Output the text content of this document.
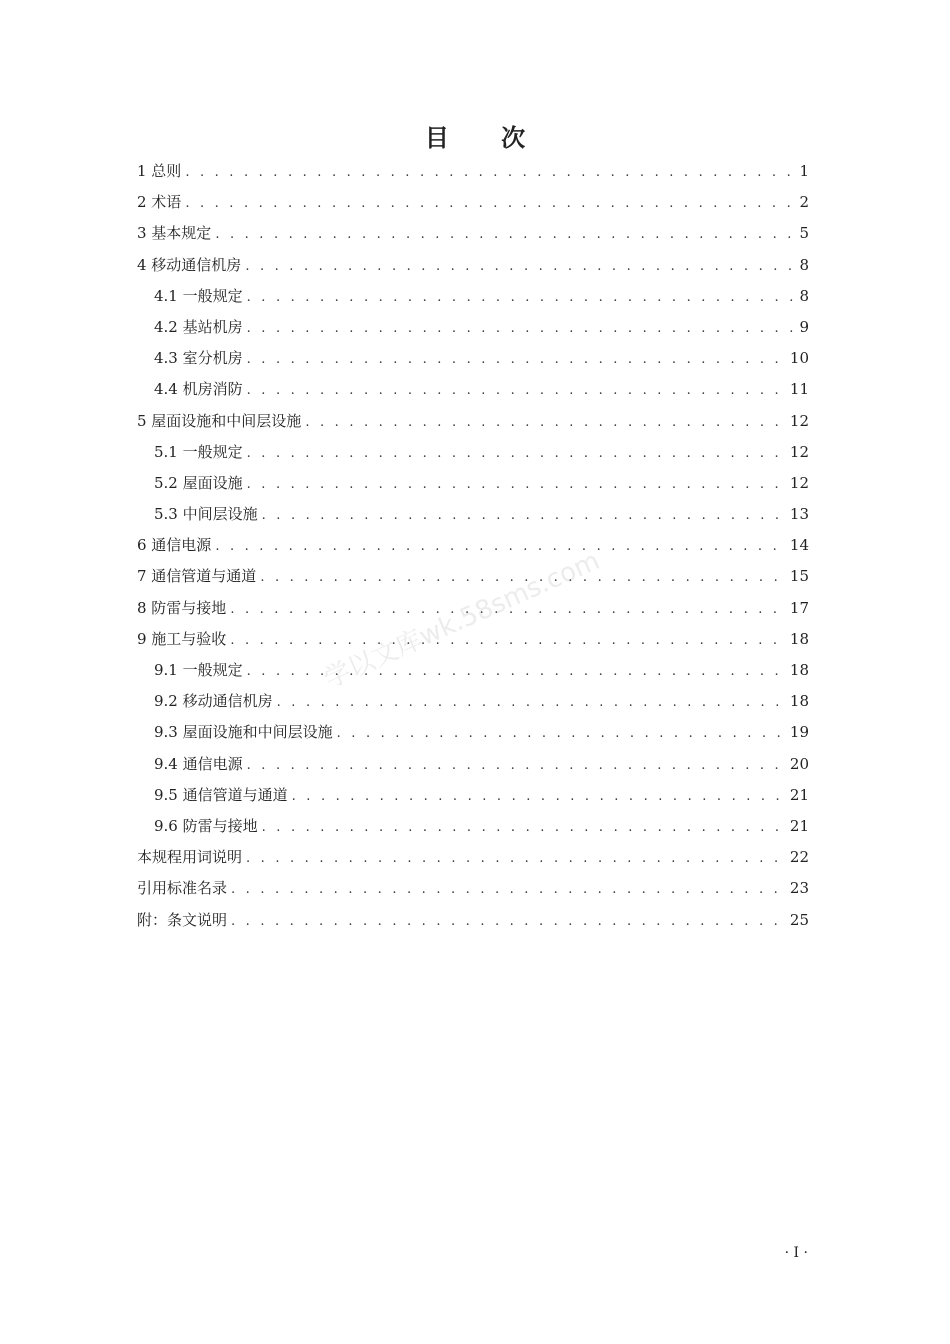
目 次
1 总则 . . .	1
2 术语 . . .	2
3 基本规定 . . .	5
4 移动通信机房 . . .	8
4.1 一般规定 . . .	8
4.2 基站机房 . . .	9
4.3 室分机房 . . .	10
4.4 机房消防 . . .	11
5 屋面设施和中间层设施 . . .	12
5.1 一般规定 . . .	12
5.2 屋面设施 . . .	12
5.3 中间层设施 . . .	13
6 通信电源 . . .	14
7 通信管道与通道 . . .	15
8 防雷与接地 . . .	17
9 施工与验收 . . .	18
9.1 一般规定 . . .	18
9.2 移动通信机房 . . .	18
9.3 屋面设施和中间层设施 . . .	19
9.4 通信电源 . . .	20
9.5 通信管道与通道 . . .	21
9.6 防雷与接地 . . .	21
本规程用词说明 . . .	22
引用标准名录 . . .	23
附：条文说明 . . .	25
学以文库wk.58sms.com
· I ·
